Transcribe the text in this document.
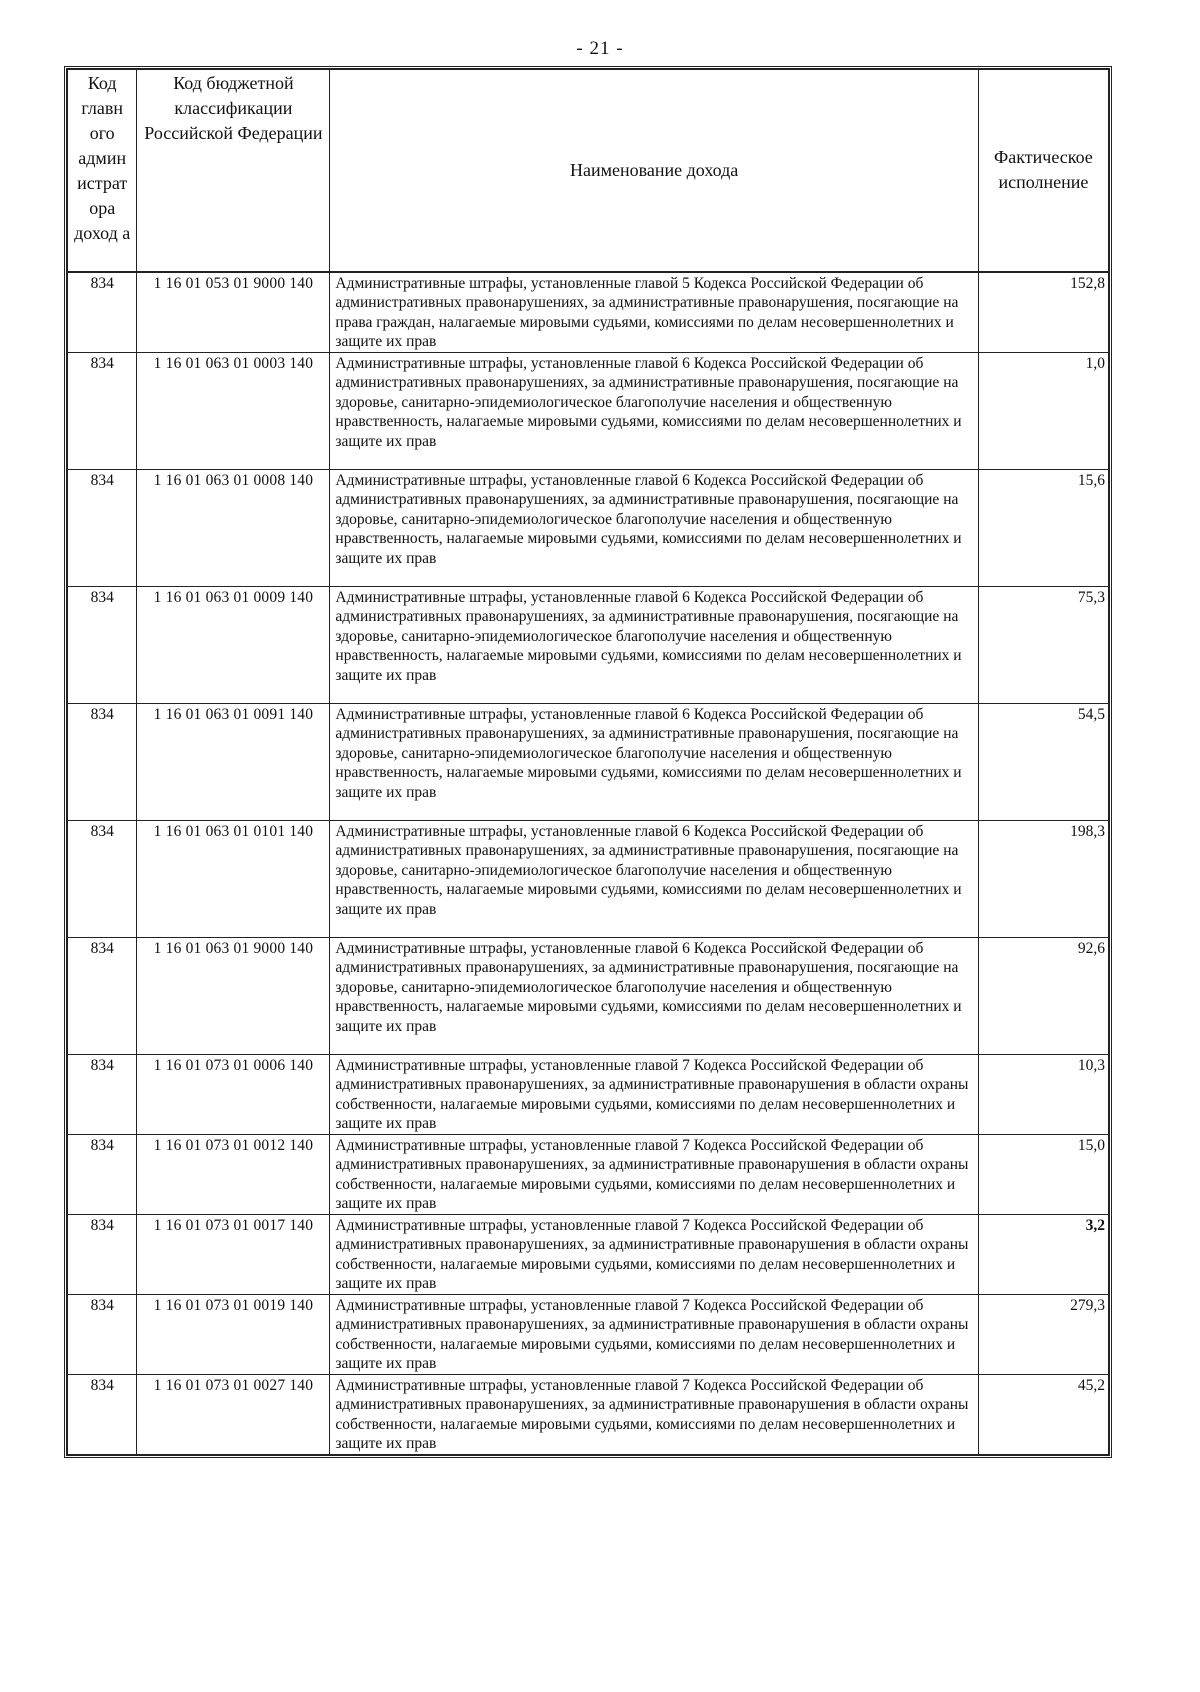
- 21 -
Код главн ого админ истрат ора доход а	Код бюджетной классификации Российской Федерации	Наименование дохода	Фактическое исполнение
834	1 16 01 053 01 9000 140	Административные штрафы, установленные главой 5 Кодекса Российской Федерации об административных правонарушениях, за административные правонарушения, посягающие на права граждан, налагаемые мировыми судьями, комиссиями по делам несовершеннолетних и защите их прав	152,8
834	1 16 01 063 01 0003 140	Административные штрафы, установленные главой 6 Кодекса Российской Федерации об административных правонарушениях, за административные правонарушения, посягающие на здоровье, санитарно-эпидемиологическое благополучие населения и общественную нравственность, налагаемые мировыми судьями, комиссиями по делам несовершеннолетних и защите их прав	1,0
834	1 16 01 063 01 0008 140	Административные штрафы, установленные главой 6 Кодекса Российской Федерации об административных правонарушениях, за административные правонарушения, посягающие на здоровье, санитарно-эпидемиологическое благополучие населения и общественную нравственность, налагаемые мировыми судьями, комиссиями по делам несовершеннолетних и защите их прав	15,6
834	1 16 01 063 01 0009 140	Административные штрафы, установленные главой 6 Кодекса Российской Федерации об административных правонарушениях, за административные правонарушения, посягающие на здоровье, санитарно-эпидемиологическое благополучие населения и общественную нравственность, налагаемые мировыми судьями, комиссиями по делам несовершеннолетних и защите их прав	75,3
834	1 16 01 063 01 0091 140	Административные штрафы, установленные главой 6 Кодекса Российской Федерации об административных правонарушениях, за административные правонарушения, посягающие на здоровье, санитарно-эпидемиологическое благополучие населения и общественную нравственность, налагаемые мировыми судьями, комиссиями по делам несовершеннолетних и защите их прав	54,5
834	1 16 01 063 01 0101 140	Административные штрафы, установленные главой 6 Кодекса Российской Федерации об административных правонарушениях, за административные правонарушения, посягающие на здоровье, санитарно-эпидемиологическое благополучие населения и общественную нравственность, налагаемые мировыми судьями, комиссиями по делам несовершеннолетних и защите их прав	198,3
834	1 16 01 063 01 9000 140	Административные штрафы, установленные главой 6 Кодекса Российской Федерации об административных правонарушениях, за административные правонарушения, посягающие на здоровье, санитарно-эпидемиологическое благополучие населения и общественную нравственность, налагаемые мировыми судьями, комиссиями по делам несовершеннолетних и защите их прав	92,6
834	1 16 01 073 01 0006 140	Административные штрафы, установленные главой 7 Кодекса Российской Федерации об административных правонарушениях, за административные правонарушения в области охраны собственности, налагаемые мировыми судьями, комиссиями по делам несовершеннолетних и защите их прав	10,3
834	1 16 01 073 01 0012 140	Административные штрафы, установленные главой 7 Кодекса Российской Федерации об административных правонарушениях, за административные правонарушения в области охраны собственности, налагаемые мировыми судьями, комиссиями по делам несовершеннолетних и защите их прав	15,0
834	1 16 01 073 01 0017 140	Административные штрафы, установленные главой 7 Кодекса Российской Федерации об административных правонарушениях, за административные правонарушения в области охраны собственности, налагаемые мировыми судьями, комиссиями по делам несовершеннолетних и защите их прав	3,2
834	1 16 01 073 01 0019 140	Административные штрафы, установленные главой 7 Кодекса Российской Федерации об административных правонарушениях, за административные правонарушения в области охраны собственности, налагаемые мировыми судьями, комиссиями по делам несовершеннолетних и защите их прав	279,3
834	1 16 01 073 01 0027 140	Административные штрафы, установленные главой 7 Кодекса Российской Федерации об административных правонарушениях, за административные правонарушения в области охраны собственности, налагаемые мировыми судьями, комиссиями по делам несовершеннолетних и защите их прав	45,2
